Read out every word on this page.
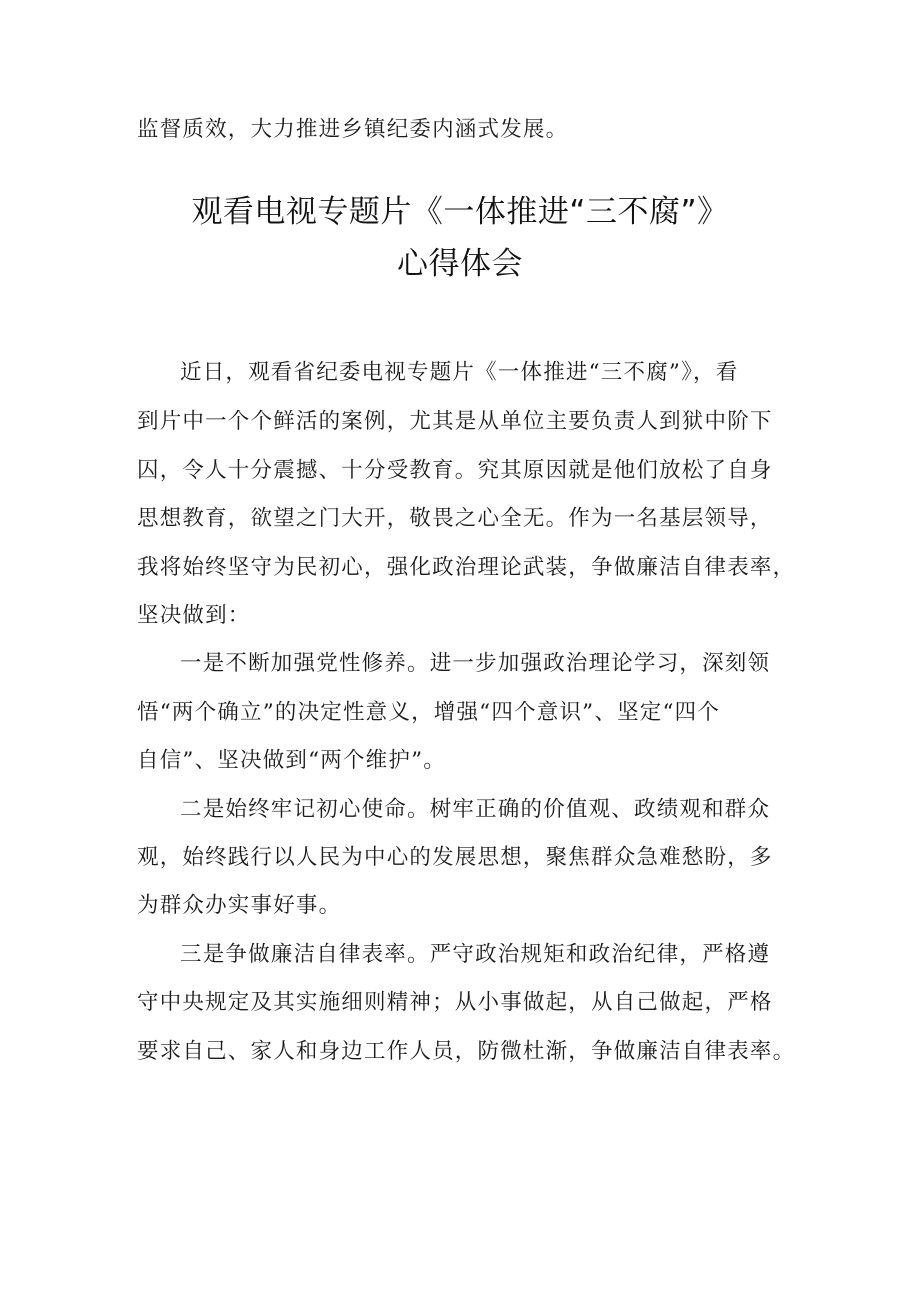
监督质效，大力推进乡镇纪委内涵式发展。
观看电视专题片《一体推进“三不腐”》
心得体会
近日，观看省纪委电视专题片《一体推进“三不腐”》，看
到片中一个个鲜活的案例，尤其是从单位主要负责人到狱中阶下
囚，令人十分震撼、十分受教育。究其原因就是他们放松了自身
思想教育，欲望之门大开，敬畏之心全无。作为一名基层领导，
我将始终坚守为民初心，强化政治理论武装，争做廉洁自律表率，
坚决做到：
一是不断加强党性修养。进一步加强政治理论学习，深刻领
悟“两个确立”的决定性意义，增强“四个意识”、坚定“四个
自信”、坚决做到“两个维护”。
二是始终牢记初心使命。树牢正确的价值观、政绩观和群众
观，始终践行以人民为中心的发展思想，聚焦群众急难愁盼，多
为群众办实事好事。
三是争做廉洁自律表率。严守政治规矩和政治纪律，严格遵
守中央规定及其实施细则精神；从小事做起，从自己做起，严格
要求自己、家人和身边工作人员，防微杜渐，争做廉洁自律表率。
